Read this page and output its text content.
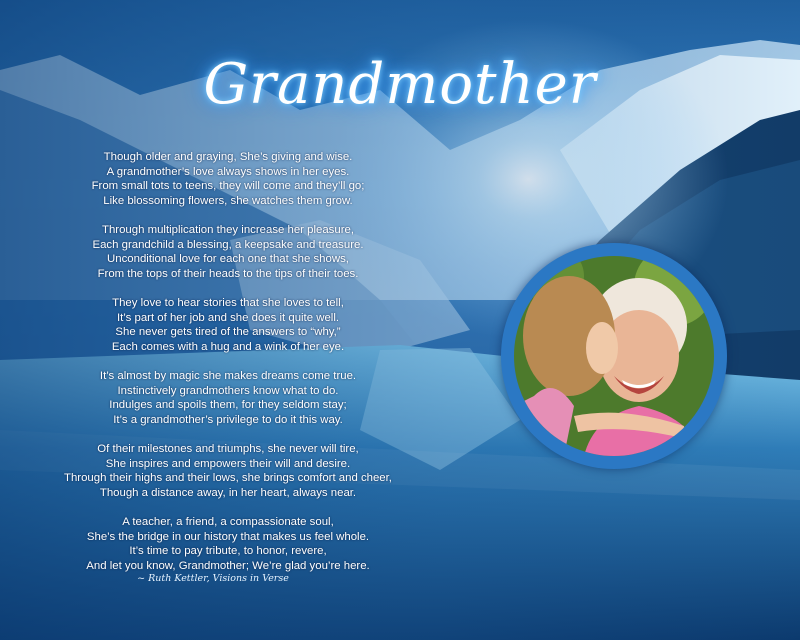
Grandmother
Though older and graying, She’s giving and wise.
A grandmother’s love always shows in her eyes.
From small tots to teens, they will come and they’ll go;
Like blossoming flowers, she watches them grow.
Through multiplication they increase her pleasure,
Each grandchild a blessing, a keepsake and treasure.
Unconditional love for each one that she shows,
From the tops of their heads to the tips of their toes.
They love to hear stories that she loves to tell,
It’s part of her job and she does it quite well.
She never gets tired of the answers to “why,”
Each comes with a hug and a wink of her eye.
It’s almost by magic she makes dreams come true.
Instinctively grandmothers know what to do.
Indulges and spoils them, for they seldom stay;
It’s a grandmother’s privilege to do it this way.
Of their milestones and triumphs, she never will tire,
She inspires and empowers their will and desire.
Through their highs and their lows, she brings comfort and cheer,
Though a distance away, in her heart, always near.
A teacher, a friend, a compassionate soul,
She’s the bridge in our history that makes us feel whole.
It’s time to pay tribute, to honor, revere,
And let you know, Grandmother; We’re glad you’re here.
~ Ruth Kettler, Visions in Verse
